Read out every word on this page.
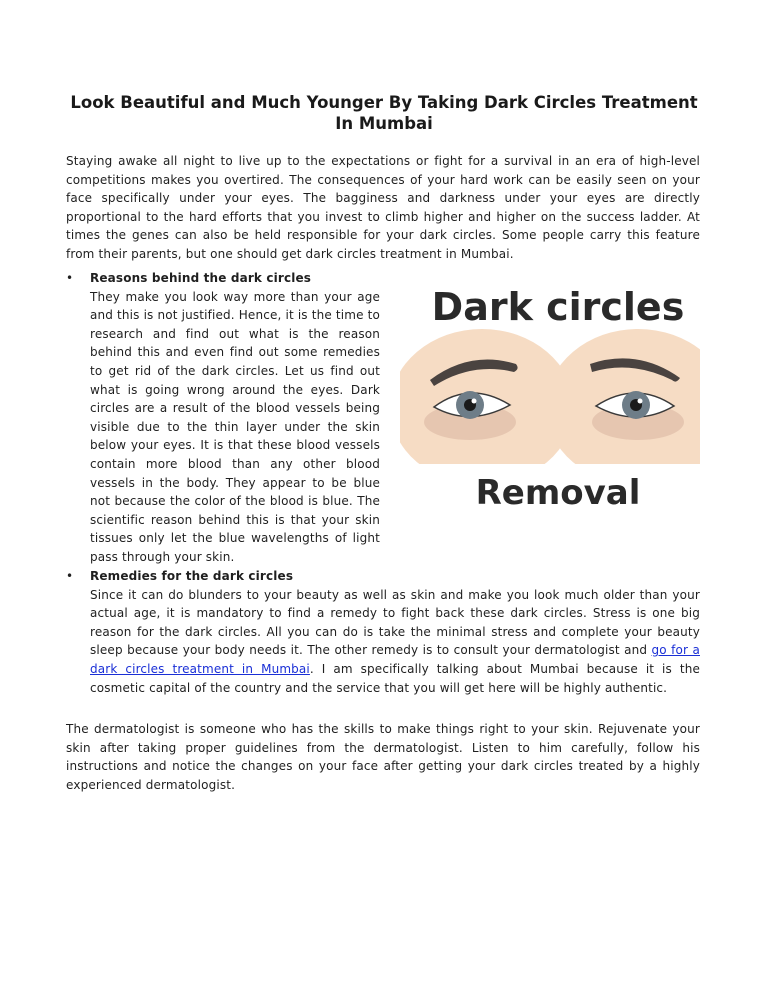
Look Beautiful and Much Younger By Taking Dark Circles Treatment In Mumbai

Staying awake all night to live up to the expectations or fight for a survival in an era of high-level competitions makes you overtired. The consequences of your hard work can be easily seen on your face specifically under your eyes. The bagginess and darkness under your eyes are directly proportional to the hard efforts that you invest to climb higher and higher on the success ladder. At times the genes can also be held responsible for your dark circles. Some people carry this feature from their parents, but one should get dark circles treatment in Mumbai.

•	Reasons behind the dark circles

They make you look way more than your age and this is not justified. Hence, it is the time to research and find out what is the reason behind this and even find out some remedies to get rid of the dark circles. Let us find out what is going wrong around the eyes. Dark circles are a result of the blood vessels being visible due to the thin layer under the skin below your eyes. It is that these blood vessels contain more blood than any other blood vessels in the body. They appear to be blue not because the color of the blood is blue. The scientific reason behind this is that your skin tissues only let the blue wavelengths of light pass through your skin.

Dark circles
Removal
•	Remedies for the dark circles

Since it can do blunders to your beauty as well as skin and make you look much older than your actual age, it is mandatory to find a remedy to fight back these dark circles. Stress is one big reason for the dark circles. All you can do is take the minimal stress and complete your beauty sleep because your body needs it. The other remedy is to consult your dermatologist and go for a dark circles treatment in Mumbai. I am specifically talking about Mumbai because it is the cosmetic capital of the country and the service that you will get here will be highly authentic.

The dermatologist is someone who has the skills to make things right to your skin. Rejuvenate your skin after taking proper guidelines from the dermatologist. Listen to him carefully, follow his instructions and notice the changes on your face after getting your dark circles treated by a highly experienced dermatologist.
